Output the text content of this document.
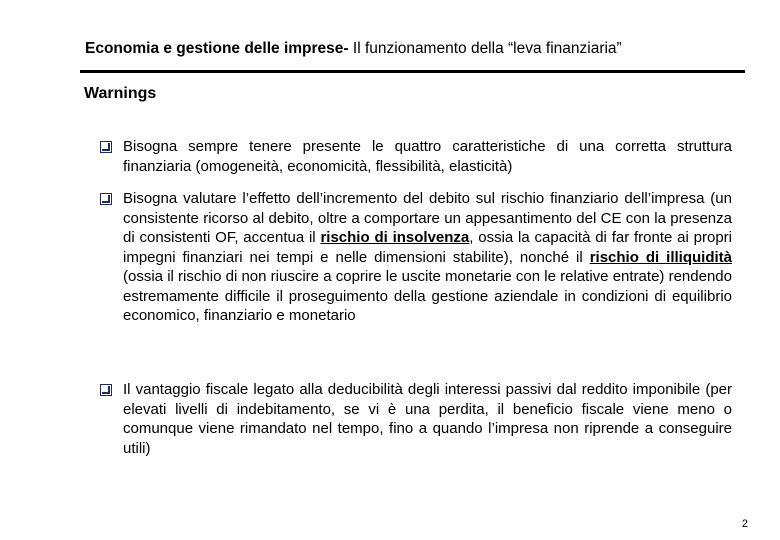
Economia e gestione delle imprese- Il funzionamento della “leva finanziaria”
Warnings
Bisogna sempre tenere presente le quattro caratteristiche di una corretta struttura finanziaria (omogeneità, economicità, flessibilità, elasticità)
Bisogna valutare l’effetto dell’incremento del debito sul rischio finanziario dell’impresa (un consistente ricorso al debito, oltre a comportare un appesantimento del CE con la presenza di consistenti OF, accentua il rischio di insolvenza, ossia la capacità di far fronte ai propri impegni finanziari nei tempi e nelle dimensioni stabilite), nonché il rischio di illiquidità (ossia il rischio di non riuscire a coprire le uscite monetarie con le relative entrate) rendendo estremamente difficile il proseguimento della gestione aziendale in condizioni di equilibrio economico, finanziario e monetario
Il vantaggio fiscale legato alla deducibilità degli interessi passivi dal reddito imponibile (per elevati livelli di indebitamento, se vi è una perdita, il beneficio fiscale viene meno o comunque viene rimandato nel tempo, fino a quando l’impresa non riprende a conseguire utili)
2
